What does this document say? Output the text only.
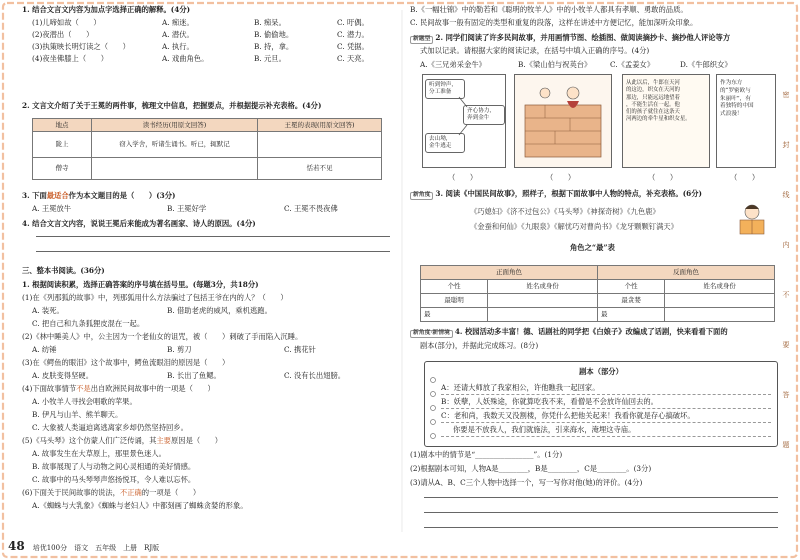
1. 结合文言文内容为加点字选择正确的解释。(4分)
(1)儿啼如故（　　）	A. 痴迷。	B. 痴呆。	C. 吁偶。
(2)夜潜出（　　）	A. 潜伏。	B. 偷偷地。	C. 潜力。
(3)执策映长明灯读之（　　）	A. 执行。	B. 持，拿。	C. 凭据。
(4)夜坐佛膝上（　　）	A. 戏曲角色。	B. 元旦。	C. 天亮。
2. 文言文介绍了关于王冕的两件事，梳理文中信息，把握要点，并根据提示补充表格。(4分)
地点	读书经历(用原文回答)	王冕的表现(用原文回答)
陇上	窃入学舍，听诸生诵书。听已，辄默记	
僧寺		恬若不见
3. 下面最适合作为本文题目的是（　　）(3分)
A. 王冕放牛	B. 王冕好学	C. 王冕不畏夜佛
4. 结合文言文内容，说说王冕后来能成为著名画家、诗人的原因。(4分)
三、整本书阅读。(36分)
1. 根据阅读积累，选择正确答案的序号填在括号里。(每题3分，共18分)
(1)在《列那狐的故事》中，列那狐用什么方法骗过了包括王爷在内的人？（　　）
A. 装死。	B. 借助老虎的威风，乘机逃跑。
C. 把自己和九条狐狸皮混在一起。
(2)《林中睡美人》中，公主因为一个老仙女的诅咒，被（　　）刺破了手而陷入沉睡。
A. 纺锤	B. 剪刀	C. 携花针
(3)在《鳄鱼的眼泪》这个故事中，鳄鱼流眼泪的原因是（　　）
A. 皮肤变得坚硬。	B. 长出了鱼鳃。	C. 没有长出翅膀。
(4)下面故事情节不是出自欧洲民间故事中的一项是（　　）
A. 小牧羊人寻找会唱歌的苹果。
B. 伊凡与山羊、熊羊聊天。
C. 大象被人类逼迫离逃离家乡却仍然坚持回乡。
(5)《马头琴》这个仿蒙人们广泛传诵，其主要原因是（　　）
A. 故事发生在大草原上，那里景色迷人。
B. 故事展现了人与动物之间心灵相通的美好情感。
C. 故事中的马头琴琴声悠扬悦耳，令人难以忘怀。
(6)下面关于民间故事的说法，不正确的一项是（　　）
A.《蜘蛛与大乳象》《蜘蛛与老妇人》中都刻画了蜘蛛贪婪的形象。
48 培优100分　语文　五年级　上册　RJ版
B.《一幅壮锦》中的勒若和《聪明的牧羊人》中的小牧羊人都具有孝顺、勇敢的品质。
C. 民间故事一般有固定的类型和重复的段落，这样在讲述中方便记忆，能加深听众印象。
新题型 2. 同学们阅读了许多民间故事，并用画情节图、绘插图、做阅读摘抄卡、摘抄他人评论等方
式加以记录。请根据大家的阅读记录，在括号中填入正确的序号。(4分)
A.《三兄弟采金牛》	B.《梁山伯与祝英台》	C.《孟姜女》	D.《牛郎织女》
听到钟声，
分工准备
齐心协力，
奔到金牛
去山坳，
金牛逃走
从此以后，牛郎在天河
的这边，织女在天河的
那边，只能远远地望着
，不能生活在一起。他
们的孩子就住在这条天
河两边的牵牛星和织女星。
作为东方
的“罗密欧与
朱丽叶”，有
着独特的中国
式浪漫！
（　　）	（　　）	（　　）	（　　）
新角度 3. 阅读《中国民间故事》，照样子，根据下面故事中人物的特点，补充表格。(6分)
《巧媳妇》《济不过包公》《马头琴》《神探奇树》《九色鹿》
《金蚕和何仙》《九眼泉》《解忧巧对曹尚书》《龙牙颗颗钉满天》
角色之“最”表
正面角色		反面角色	
个性	姓名或身份	个性	姓名或身份
最聪明		最贪婪	
最		最	
新角度·新情境 4. 校园活动多丰富！德、话剧社的同学把《白娘子》改编成了话剧，快来看看下面的
剧本(部分)，并据此完成练习。(8分)
剧本（部分）
A：还请大师放了我家相公，许他瞧我一起回家。
B：妖孽，人妖殊途，你就算吃我不来，看僧是不会放许仙回去的。
C：老和尚，我数天又没割楼，你凭什么把他关起来！我看你就是存心搞破坏。
你要是不放我人，我们就施法，引来海水，淹埋这寺庙。
(1)剧本中的情节是“________________”。(1分)
(2)根据剧本可知，人物A是________，B是________，C是________。(3分)
(3)请从A、B、C三个人物中选择一个，写一写你对他(她)的评价。(4分)
密
封
线
内
不
要
答
题
